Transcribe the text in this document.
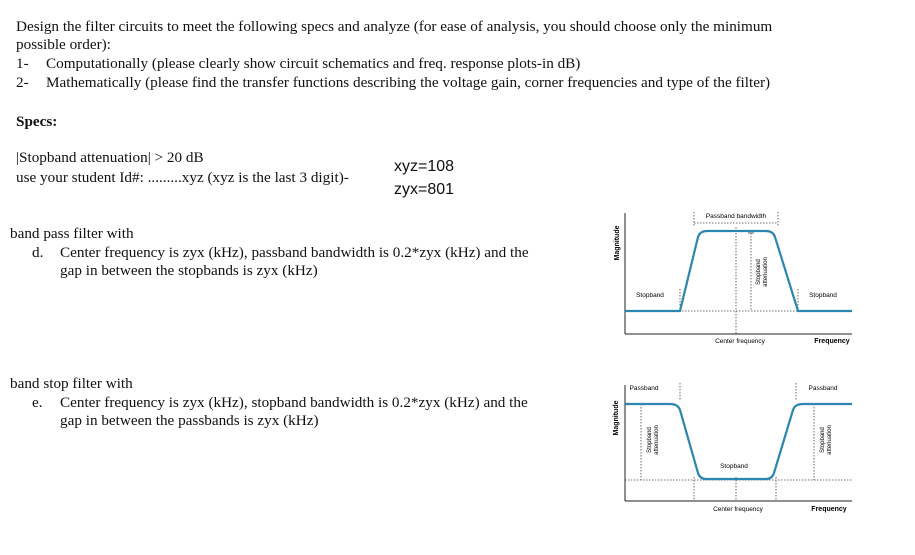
Design the filter circuits to meet the following specs and analyze (for ease of analysis, you should choose only the minimum
possible order):
1- Computationally (please clearly show circuit schematics and freq. response plots-in dB)
2- Mathematically (please find the transfer functions describing the voltage gain, corner frequencies and type of the filter)
Specs:
|Stopband attenuation| > 20 dB
use your student Id#: .........xyz (xyz is the last 3 digit)-
xyz=108
zyx=801
band pass filter with
d. Center frequency is zyx (kHz), passband bandwidth is 0.2*zyx (kHz) and the
gap in between the stopbands is zyx (kHz)
band stop filter with
e. Center frequency is zyx (kHz), stopband bandwidth is 0.2*zyx (kHz) and the
gap in between the passbands is zyx (kHz)
Magnitude
Passband bandwidth
Stopband	Stopband
Stopband attenuation
Center frequency	Frequency
Magnitude
Passband	Passband
Stopband attenuation	Stopband attenuation
Stopband
Center frequency	Frequency
